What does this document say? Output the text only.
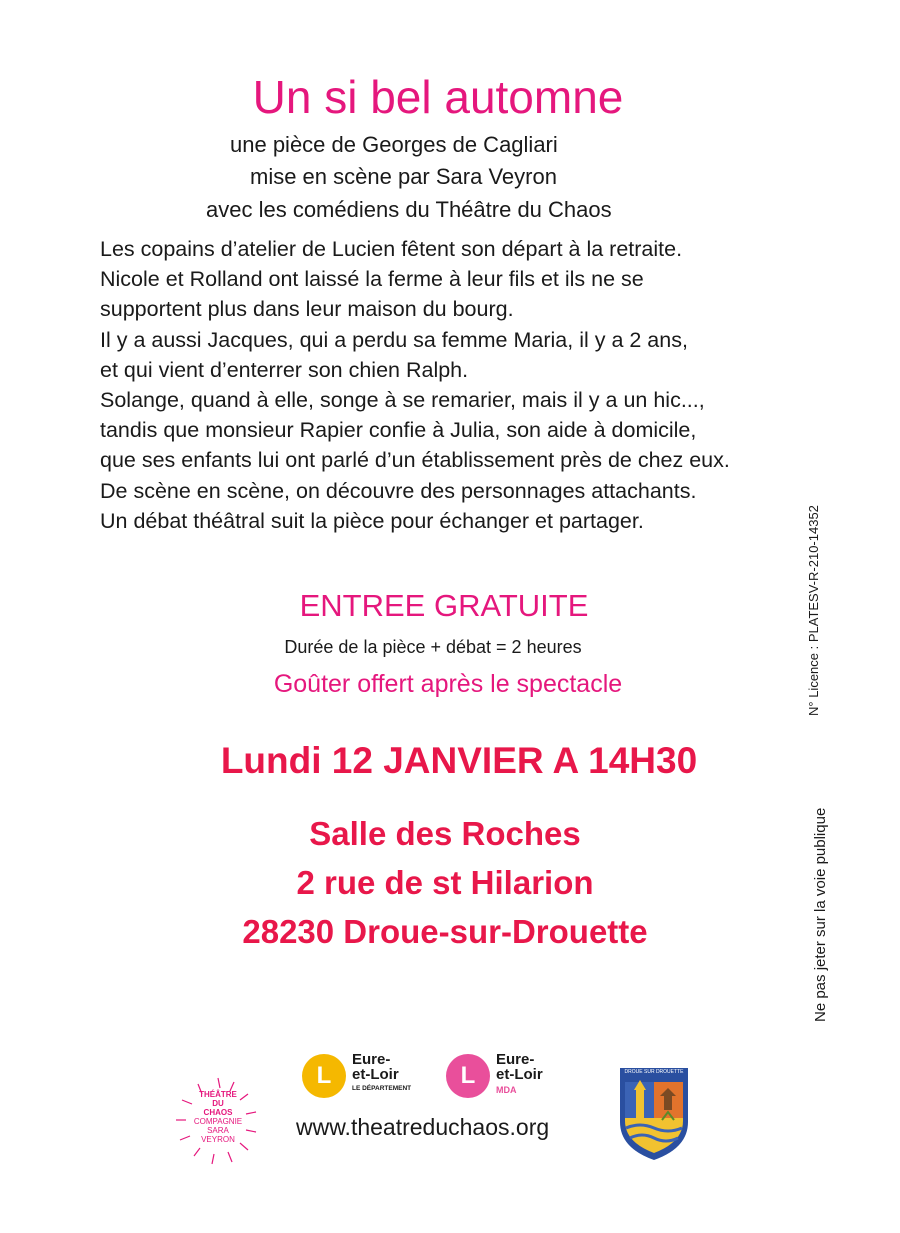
Un si bel automne
une pièce de Georges de Cagliari
mise en scène par Sara Veyron
avec les comédiens du Théâtre du Chaos
Les copains d’atelier de Lucien fêtent son départ à la retraite.
Nicole et Rolland ont laissé la ferme à leur fils et ils ne se
supportent plus dans leur maison du bourg.
Il y a aussi Jacques, qui a perdu sa femme Maria, il y a 2 ans,
et qui vient d’enterrer son chien Ralph.
Solange, quand à elle, songe à se remarier, mais il y a un hic...,
tandis que monsieur Rapier confie à Julia, son aide à domicile,
que ses enfants lui ont parlé d’un établissement près de chez eux.
De scène en scène, on découvre des personnages attachants.
Un débat théâtral suit la pièce pour échanger et partager.
ENTREE GRATUITE
Durée de la pièce + débat = 2 heures
Goûter offert après le spectacle
Lundi 12 JANVIER A 14H30
Salle des Roches
2 rue de st Hilarion
28230 Droue-sur-Drouette
N° Licence : PLATESV-R-210-14352
Ne pas jeter sur la voie publique
THÉÂTRE
DU
CHAOS
COMPAGNIE
SARA
VEYRON
L
Eure-
et-Loir
LE DÉPARTEMENT	L
Eure-
et-Loir
MDA
www.theatreduchaos.org
DROUE SUR DROUETTE
